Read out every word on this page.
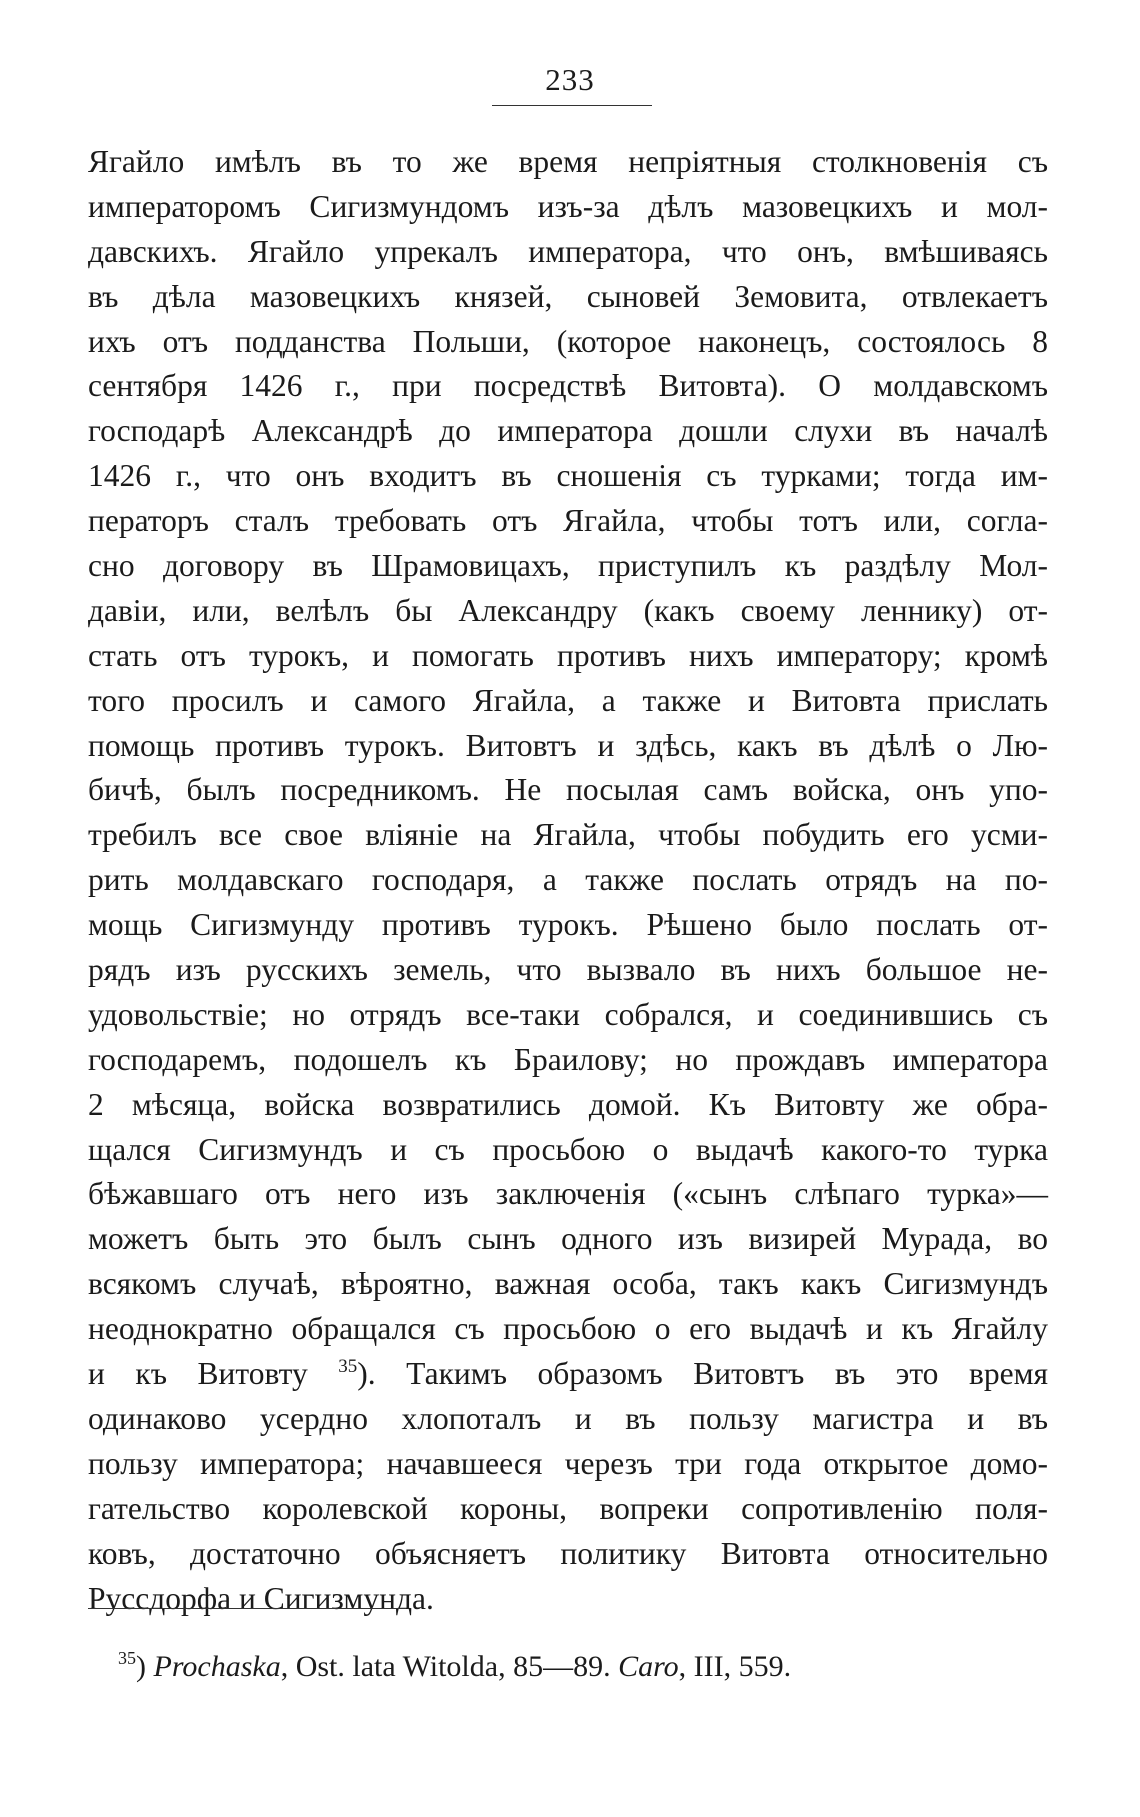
233
Ягайло имѣлъ въ то же время непріятныя столкновенія съ
императоромъ Сигизмундомъ изъ-за дѣлъ мазовецкихъ и мол-
давскихъ. Ягайло упрекалъ императора, что онъ, вмѣшиваясь
въ дѣла мазовецкихъ князей, сыновей Земовита, отвлекаетъ
ихъ отъ подданства Польши, (которое наконецъ, состоялось 8
сентября 1426 г., при посредствѣ Витовта). О молдавскомъ
господарѣ Александрѣ до императора дошли слухи въ началѣ
1426 г., что онъ входитъ въ сношенія съ турками; тогда им-
ператоръ сталъ требовать отъ Ягайла, чтобы тотъ или, согла-
сно договору въ Шрамовицахъ, приступилъ къ раздѣлу Мол-
давіи, или, велѣлъ бы Александру (какъ своему леннику) от-
стать отъ турокъ, и помогать противъ нихъ императору; кромѣ
того просилъ и самого Ягайла, а также и Витовта прислать
помощь противъ турокъ. Витовтъ и здѣсь, какъ въ дѣлѣ о Лю-
бичѣ, былъ посредникомъ. Не посылая самъ войска, онъ упо-
требилъ все свое вліяніе на Ягайла, чтобы побудить его усми-
рить молдавскаго господаря, а также послать отрядъ на по-
мощь Сигизмунду противъ турокъ. Рѣшено было послать от-
рядъ изъ русскихъ земель, что вызвало въ нихъ большое не-
удовольствіе; но отрядъ все-таки собрался, и соединившись съ
господаремъ, подошелъ къ Браилову; но прождавъ императора
2 мѣсяца, войска возвратились домой. Къ Витовту же обра-
щался Сигизмундъ и съ просьбою о выдачѣ какого-то турка
бѣжавшаго отъ него изъ заключенія («сынъ слѣпаго турка»—
можетъ быть это былъ сынъ одного изъ визирей Мурада, во
всякомъ случаѣ, вѣроятно, важная особа, такъ какъ Сигизмундъ
неоднократно обращался съ просьбою о его выдачѣ и къ Ягайлу
и къ Витовту $^{35}$). Такимъ образомъ Витовтъ въ это время
одинаково усердно хлопоталъ и въ пользу магистра и въ
пользу императора; начавшееся черезъ три года открытое домо-
гательство королевской короны, вопреки сопротивленію поля-
ковъ, достаточно объясняетъ политику Витовта относительно
Руссдорфа и Сигизмунда.
$^{35}$) Prochaska, Ost. lata Witolda, 85—89. Caro, III, 559.
